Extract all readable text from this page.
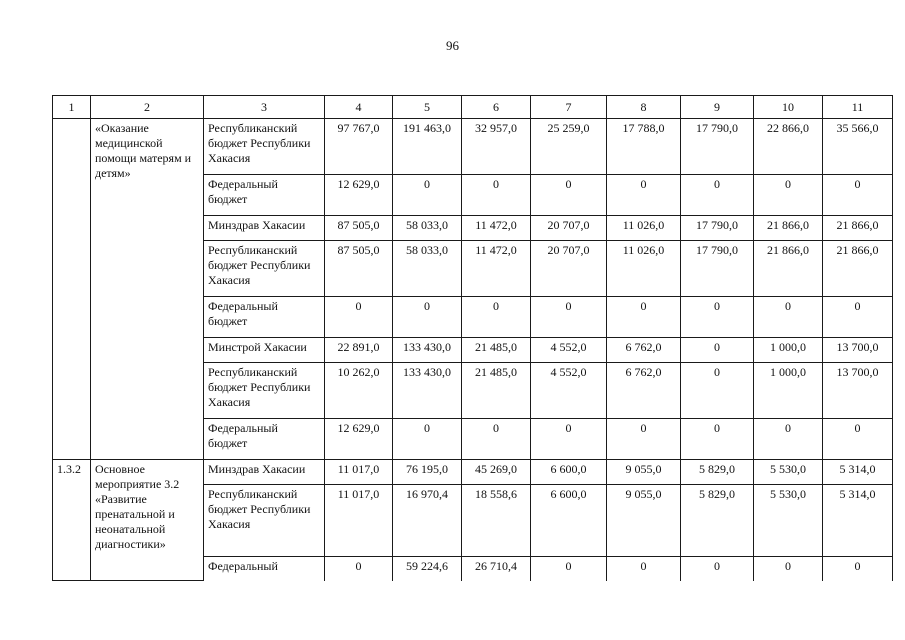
96
1	2	3	4	5	6	7	8	9	10	11
	«Оказание медицинской помощи матерям и детям»	Республиканский бюджет Республики Хакасия	97 767,0	191 463,0	32 957,0	25 259,0	17 788,0	17 790,0	22 866,0	35 566,0
		Федеральный бюджет	12 629,0	0	0	0	0	0	0	0
		Минздрав Хакасии	87 505,0	58 033,0	11 472,0	20 707,0	11 026,0	17 790,0	21 866,0	21 866,0
		Республиканский бюджет Республики Хакасия	87 505,0	58 033,0	11 472,0	20 707,0	11 026,0	17 790,0	21 866,0	21 866,0
		Федеральный бюджет	0	0	0	0	0	0	0	0
		Минстрой Хакасии	22 891,0	133 430,0	21 485,0	4 552,0	6 762,0	0	1 000,0	13 700,0
		Республиканский бюджет Республики Хакасия	10 262,0	133 430,0	21 485,0	4 552,0	6 762,0	0	1 000,0	13 700,0
		Федеральный бюджет	12 629,0	0	0	0	0	0	0	0
1.3.2	Основное мероприятие 3.2 «Развитие пренатальной и неонатальной диагностики»	Минздрав Хакасии	11 017,0	76 195,0	45 269,0	6 600,0	9 055,0	5 829,0	5 530,0	5 314,0
		Республиканский бюджет Республики Хакасия	11 017,0	16 970,4	18 558,6	6 600,0	9 055,0	5 829,0	5 530,0	5 314,0
		Федеральный	0	59 224,6	26 710,4	0	0	0	0	0
